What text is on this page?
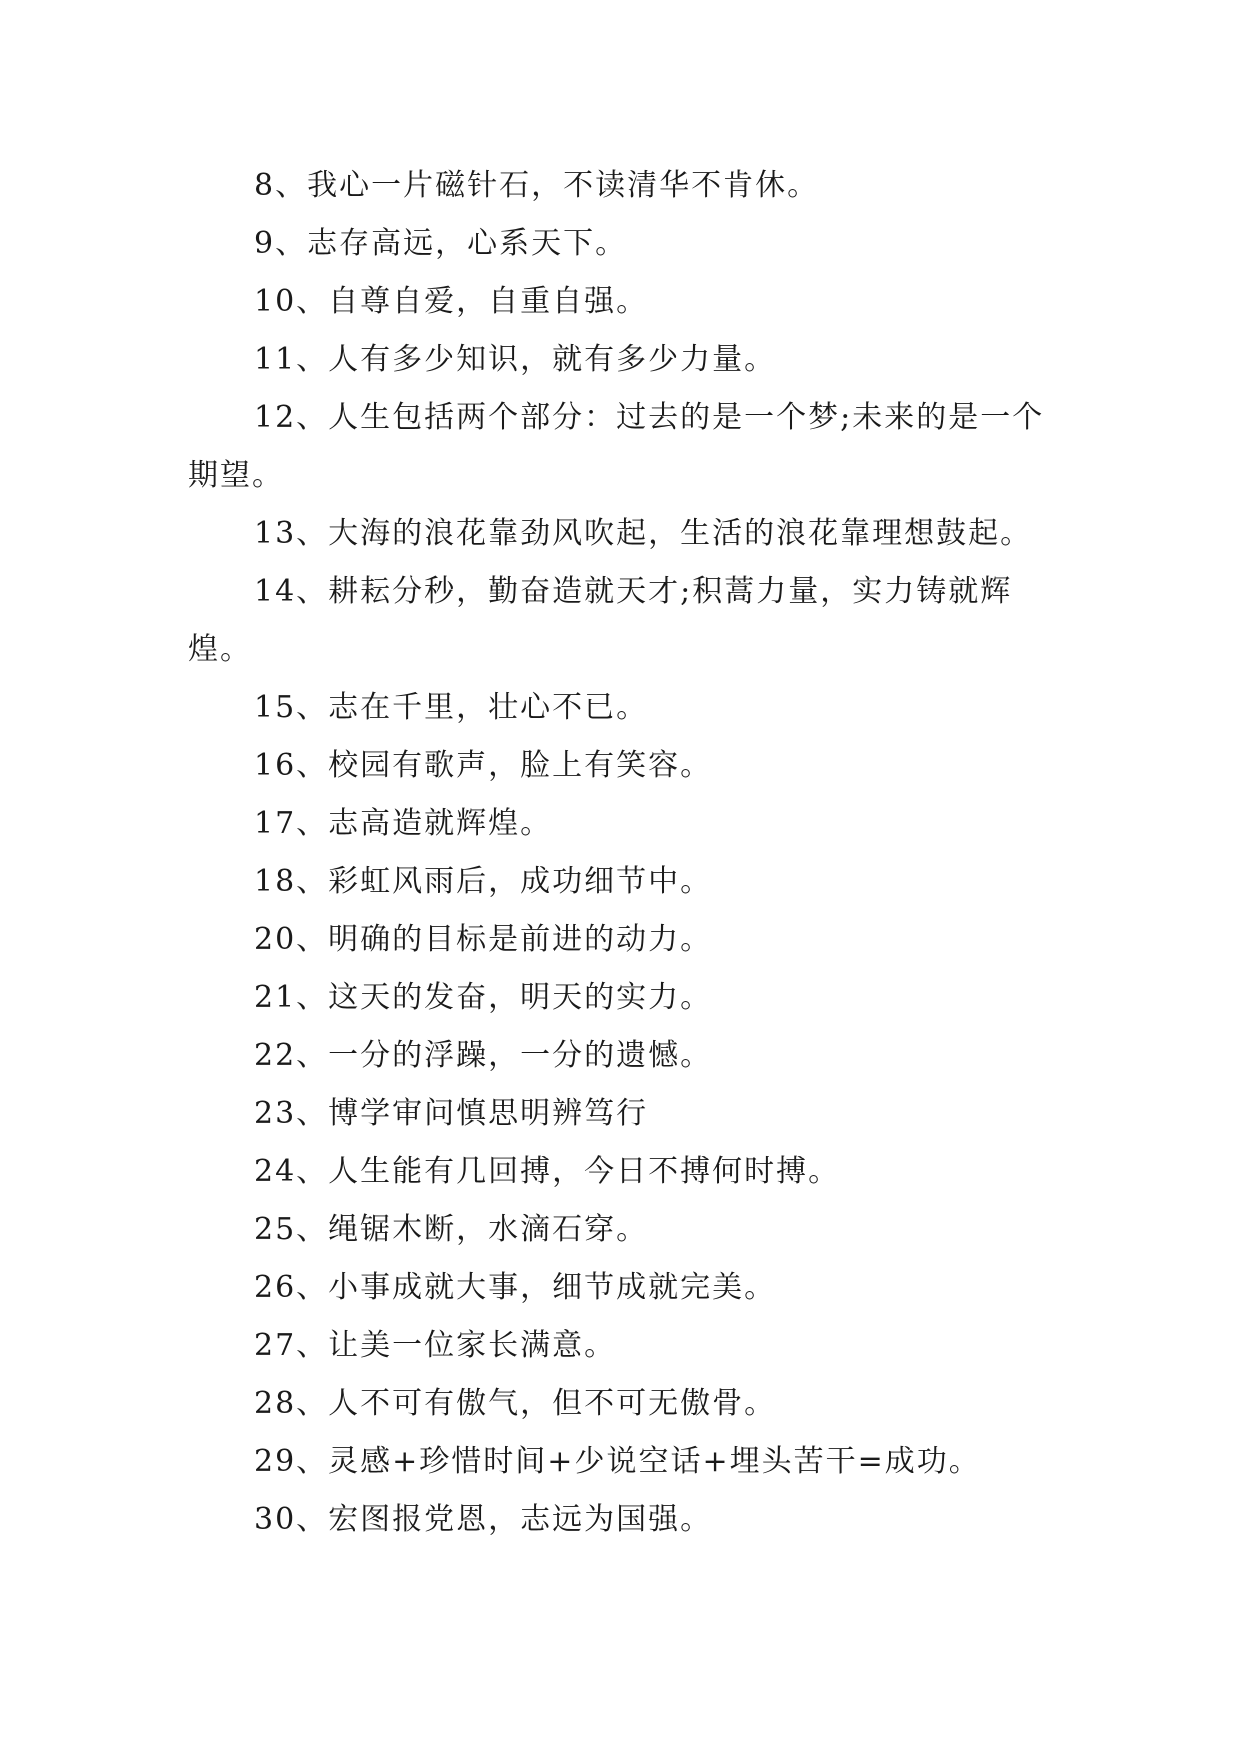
8、我心一片磁针石，不读清华不肯休。

9、志存高远，心系天下。

10、自尊自爱，自重自强。

11、人有多少知识，就有多少力量。

12、人生包括两个部分：过去的是一个梦;未来的是一个期望。

13、大海的浪花靠劲风吹起，生活的浪花靠理想鼓起。

14、耕耘分秒，勤奋造就天才;积蒿力量，实力铸就辉煌。

15、志在千里，壮心不已。

16、校园有歌声，脸上有笑容。

17、志高造就辉煌。

18、彩虹风雨后，成功细节中。

20、明确的目标是前进的动力。

21、这天的发奋，明天的实力。

22、一分的浮躁，一分的遗憾。

23、博学审问慎思明辨笃行

24、人生能有几回搏，今日不搏何时搏。

25、绳锯木断，水滴石穿。

26、小事成就大事，细节成就完美。

27、让美一位家长满意。

28、人不可有傲气，但不可无傲骨。

29、灵感+珍惜时间+少说空话+埋头苦干=成功。

30、宏图报党恩，志远为国强。
